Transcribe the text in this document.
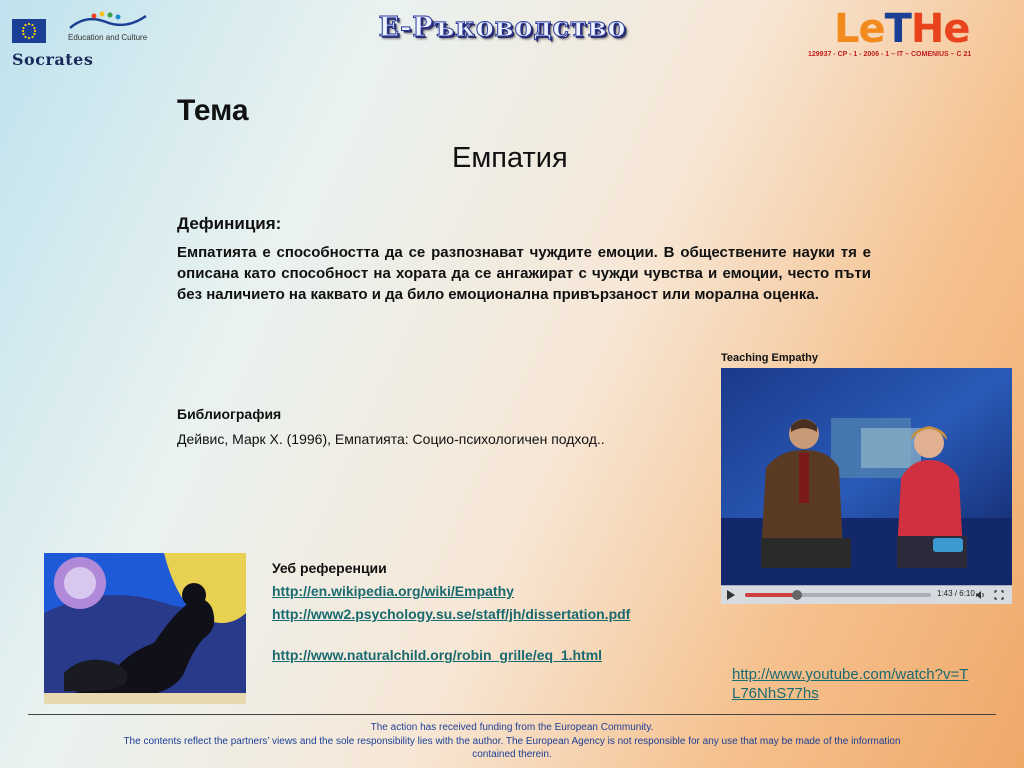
Education and Culture
Socrates
Е-Ръководство	LeTHe
129937 - CP - 1 - 2006 - 1 – IT – COMENIUS – C 21
Тема
Емпатия
Дефиниция:
Емпатията е способността да се разпознават чуждите емоции. В обществените науки тя е описана като способност на хората да се ангажират с чужди чувства и емоции, често пъти без наличието на каквато и да било емоционална привързаност или морална оценка.
Teaching Empathy
1:43 / 6:10
Библиография
Дейвис, Марк Х. (1996), Емпатията: Социо-психологичен подход..
Уеб референции
http://en.wikipedia.org/wiki/Empathy
http://www2.psychology.su.se/staff/jh/dissertation.pdf
http://www.naturalchild.org/robin_grille/eq_1.html
http://www.youtube.com/watch?v=TL76NhS77hs
The action has received funding from the European Community.
The contents reflect the partners’ views and the sole responsibility lies with the author. The European Agency is not responsible for any use that may be made of the information contained therein.
